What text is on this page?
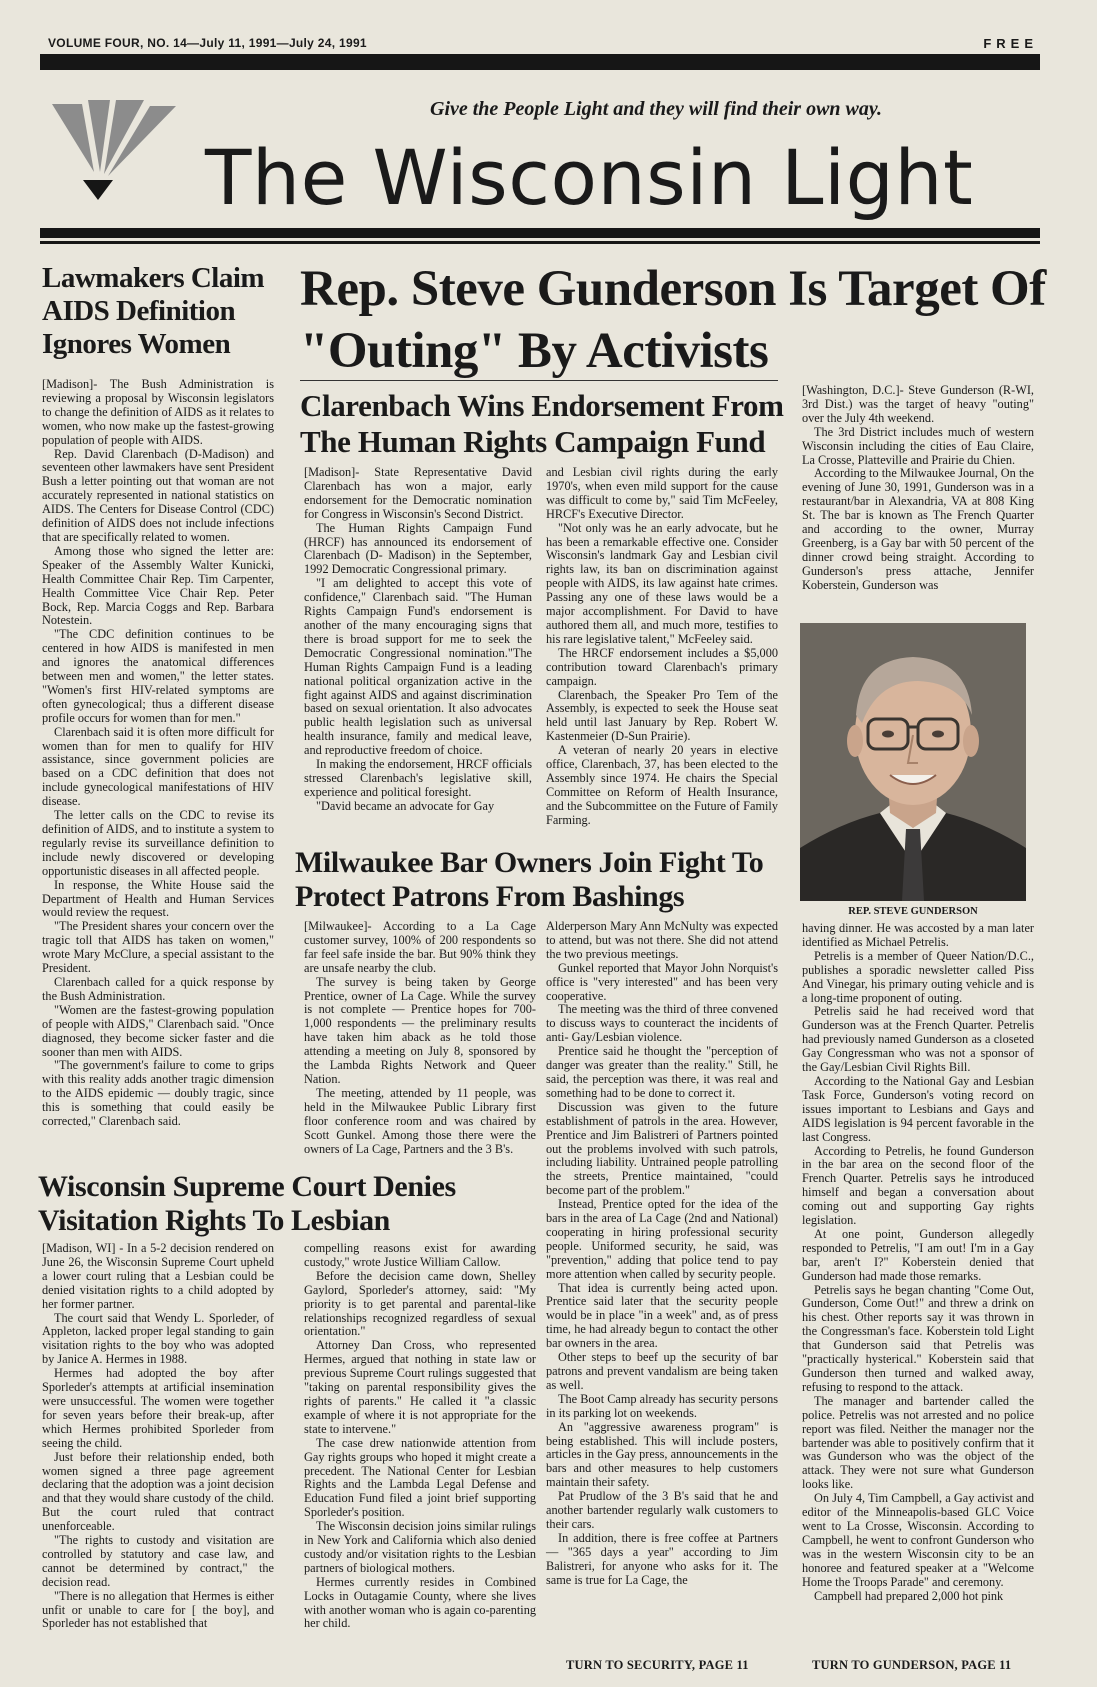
VOLUME FOUR, NO. 14—July 11, 1991—July 24, 1991	FREE
Give the People Light and they will find their own way.
The Wisconsin Light
Lawmakers Claim AIDS Definition Ignores Women

[Madison]- The Bush Administration is reviewing a proposal by Wisconsin legislators to change the definition of AIDS as it relates to women, who now make up the fastest-growing population of people with AIDS.

Rep. David Clarenbach (D-Madison) and seventeen other lawmakers have sent President Bush a letter pointing out that woman are not accurately represented in national statistics on AIDS. The Centers for Disease Control (CDC) definition of AIDS does not include infections that are specifically related to women.

Among those who signed the letter are: Speaker of the Assembly Walter Kunicki, Health Committee Chair Rep. Tim Carpenter, Health Committee Vice Chair Rep. Peter Bock, Rep. Marcia Coggs and Rep. Barbara Notestein.

"The CDC definition continues to be centered in how AIDS is manifested in men and ignores the anatomical differences between men and women," the letter states. "Women's first HIV-related symptoms are often gynecological; thus a different disease profile occurs for women than for men."

Clarenbach said it is often more difficult for women than for men to qualify for HIV assistance, since government policies are based on a CDC definition that does not include gynecological manifestations of HIV disease.

The letter calls on the CDC to revise its definition of AIDS, and to institute a system to regularly revise its surveillance definition to include newly discovered or developing opportunistic diseases in all affected people.

In response, the White House said the Department of Health and Human Services would review the request.

"The President shares your concern over the tragic toll that AIDS has taken on women," wrote Mary McClure, a special assistant to the President.

Clarenbach called for a quick response by the Bush Administration.

"Women are the fastest-growing population of people with AIDS," Clarenbach said. "Once diagnosed, they become sicker faster and die sooner than men with AIDS.

"The government's failure to come to grips with this reality adds another tragic dimension to the AIDS epidemic — doubly tragic, since this is something that could easily be corrected," Clarenbach said.

Rep. Steve Gunderson Is Target Of "Outing" By Activists
Clarenbach Wins Endorsement From The Human Rights Campaign Fund

[Madison]- State Representative David Clarenbach has won a major, early endorsement for the Democratic nomination for Congress in Wisconsin's Second District.

The Human Rights Campaign Fund (HRCF) has announced its endorsement of Clarenbach (D- Madison) in the September, 1992 Democratic Congressional primary.

"I am delighted to accept this vote of confidence," Clarenbach said. "The Human Rights Campaign Fund's endorsement is another of the many encouraging signs that there is broad support for me to seek the Democratic Congressional nomination."The Human Rights Campaign Fund is a leading national political organization active in the fight against AIDS and against discrimination based on sexual orientation. It also advocates public health legislation such as universal health insurance, family and medical leave, and reproductive freedom of choice.

In making the endorsement, HRCF officials stressed Clarenbach's legislative skill, experience and political foresight.

"David became an advocate for Gay

and Lesbian civil rights during the early 1970's, when even mild support for the cause was difficult to come by," said Tim McFeeley, HRCF's Executive Director.

"Not only was he an early advocate, but he has been a remarkable effective one. Consider Wisconsin's landmark Gay and Lesbian civil rights law, its ban on discrimination against people with AIDS, its law against hate crimes. Passing any one of these laws would be a major accomplishment. For David to have authored them all, and much more, testifies to his rare legislative talent," McFeeley said.

The HRCF endorsement includes a $5,000 contribution toward Clarenbach's primary campaign.

Clarenbach, the Speaker Pro Tem of the Assembly, is expected to seek the House seat held until last January by Rep. Robert W. Kastenmeier (D-Sun Prairie).

A veteran of nearly 20 years in elective office, Clarenbach, 37, has been elected to the Assembly since 1974. He chairs the Special Committee on Reform of Health Insurance, and the Subcommittee on the Future of Family Farming.

[Washington, D.C.]- Steve Gunderson (R-WI, 3rd Dist.) was the target of heavy "outing" over the July 4th weekend.

The 3rd District includes much of western Wisconsin including the cities of Eau Claire, La Crosse, Platteville and Prairie du Chien.

According to the Milwaukee Journal, On the evening of June 30, 1991, Gunderson was in a restaurant/bar in Alexandria, VA at 808 King St. The bar is known as The French Quarter and according to the owner, Murray Greenberg, is a Gay bar with 50 percent of the dinner crowd being straight. According to Gunderson's press attache, Jennifer Koberstein, Gunderson was

REP. STEVE GUNDERSON

having dinner. He was accosted by a man later identified as Michael Petrelis.

Petrelis is a member of Queer Nation/D.C., publishes a sporadic newsletter called Piss And Vinegar, his primary outing vehicle and is a long-time proponent of outing.

Petrelis said he had received word that Gunderson was at the French Quarter. Petrelis had previously named Gunderson as a closeted Gay Congressman who was not a sponsor of the Gay/Lesbian Civil Rights Bill.

According to the National Gay and Lesbian Task Force, Gunderson's voting record on issues important to Lesbians and Gays and AIDS legislation is 94 percent favorable in the last Congress.

According to Petrelis, he found Gunderson in the bar area on the second floor of the French Quarter. Petrelis says he introduced himself and began a conversation about coming out and supporting Gay rights legislation.

At one point, Gunderson allegedly responded to Petrelis, "I am out! I'm in a Gay bar, aren't I?" Koberstein denied that Gunderson had made those remarks.

Petrelis says he began chanting "Come Out, Gunderson, Come Out!" and threw a drink on his chest. Other reports say it was thrown in the Congressman's face. Koberstein told Light that Gunderson said that Petrelis was "practically hysterical." Koberstein said that Gunderson then turned and walked away, refusing to respond to the attack.

The manager and bartender called the police. Petrelis was not arrested and no police report was filed. Neither the manager nor the bartender was able to positively confirm that it was Gunderson who was the object of the attack. They were not sure what Gunderson looks like.

On July 4, Tim Campbell, a Gay activist and editor of the Minneapolis-based GLC Voice went to La Crosse, Wisconsin. According to Campbell, he went to confront Gunderson who was in the western Wisconsin city to be an honoree and featured speaker at a "Welcome Home the Troops Parade" and ceremony.

Campbell had prepared 2,000 hot pink

TURN TO GUNDERSON, PAGE 11
Milwaukee Bar Owners Join Fight To Protect Patrons From Bashings

[Milwaukee]- According to a La Cage customer survey, 100% of 200 respondents so far feel safe inside the bar. But 90% think they are unsafe nearby the club.

The survey is being taken by George Prentice, owner of La Cage. While the survey is not complete — Prentice hopes for 700-1,000 respondents — the preliminary results have taken him aback as he told those attending a meeting on July 8, sponsored by the Lambda Rights Network and Queer Nation.

The meeting, attended by 11 people, was held in the Milwaukee Public Library first floor conference room and was chaired by Scott Gunkel. Among those there were the owners of La Cage, Partners and the 3 B's.

Alderperson Mary Ann McNulty was expected to attend, but was not there. She did not attend the two previous meetings.

Gunkel reported that Mayor John Norquist's office is "very interested" and has been very cooperative.

The meeting was the third of three convened to discuss ways to counteract the incidents of anti- Gay/Lesbian violence.

Prentice said he thought the "perception of danger was greater than the reality." Still, he said, the perception was there, it was real and something had to be done to correct it.

Discussion was given to the future establishment of patrols in the area. However, Prentice and Jim Balistreri of Partners pointed out the problems involved with such patrols, including liability. Untrained people patrolling the streets, Prentice maintained, "could become part of the problem."

Instead, Prentice opted for the idea of the bars in the area of La Cage (2nd and National) cooperating in hiring professional security people. Uniformed security, he said, was "prevention," adding that police tend to pay more attention when called by security people.

That idea is currently being acted upon. Prentice said later that the security people would be in place "in a week" and, as of press time, he had already begun to contact the other bar owners in the area.

Other steps to beef up the security of bar patrons and prevent vandalism are being taken as well.

The Boot Camp already has security persons in its parking lot on weekends.

An "aggressive awareness program" is being established. This will include posters, articles in the Gay press, announcements in the bars and other measures to help customers maintain their safety.

Pat Prudlow of the 3 B's said that he and another bartender regularly walk customers to their cars.

In addition, there is free coffee at Partners — "365 days a year" according to Jim Balistreri, for anyone who asks for it. The same is true for La Cage, the

TURN TO SECURITY, PAGE 11
Wisconsin Supreme Court Denies Visitation Rights To Lesbian

[Madison, WI] - In a 5-2 decision rendered on June 26, the Wisconsin Supreme Court upheld a lower court ruling that a Lesbian could be denied visitation rights to a child adopted by her former partner.

The court said that Wendy L. Sporleder, of Appleton, lacked proper legal standing to gain visitation rights to the boy who was adopted by Janice A. Hermes in 1988.

Hermes had adopted the boy after Sporleder's attempts at artificial insemination were unsuccessful. The women were together for seven years before their break-up, after which Hermes prohibited Sporleder from seeing the child.

Just before their relationship ended, both women signed a three page agreement declaring that the adoption was a joint decision and that they would share custody of the child. But the court ruled that contract unenforceable.

"The rights to custody and visitation are controlled by statutory and case law, and cannot be determined by contract," the decision read.

"There is no allegation that Hermes is either unfit or unable to care for [ the boy], and Sporleder has not established that

compelling reasons exist for awarding custody," wrote Justice William Callow.

Before the decision came down, Shelley Gaylord, Sporleder's attorney, said: "My priority is to get parental and parental-like relationships recognized regardless of sexual orientation."

Attorney Dan Cross, who represented Hermes, argued that nothing in state law or previous Supreme Court rulings suggested that "taking on parental responsibility gives the rights of parents." He called it "a classic example of where it is not appropriate for the state to intervene."

The case drew nationwide attention from Gay rights groups who hoped it might create a precedent. The National Center for Lesbian Rights and the Lambda Legal Defense and Education Fund filed a joint brief supporting Sporleder's position.

The Wisconsin decision joins similar rulings in New York and California which also denied custody and/or visitation rights to the Lesbian partners of biological mothers.

Hermes currently resides in Combined Locks in Outagamie County, where she lives with another woman who is again co-parenting her child.
